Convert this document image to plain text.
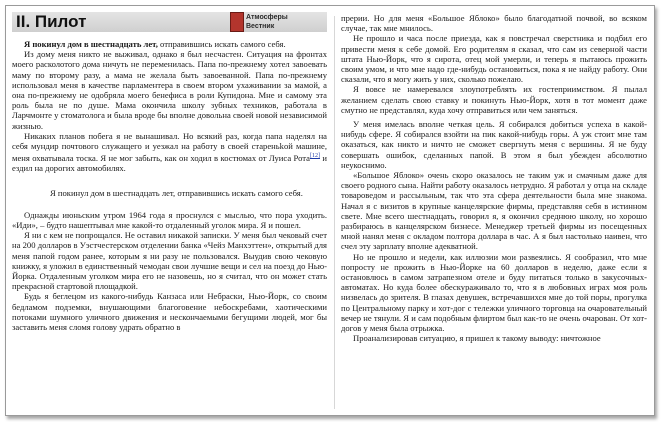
II. Пилот	Атмосферы
Вестник

Я покинул дом в шестнадцать лет, отправившись искать самого себя.

Из дому меня никто не выживал, однако я был несчастен. Ситуация на фронтах моего расколотого дома ничуть не переменилась. Папа по-прежнему хотел завоевать маму по второму разу, а мама не желала быть завоеванной. Папа по-прежнему использовал меня в качестве парламентера в своем втором ухаживании за мамой, а она по-прежнему не одобряла моего бенефиса в роли Купидона. Мне и самому эта роль была не по душе. Мама окончила школу зубных техников, работала в Ларчмонте у стоматолога и была вроде бы вполне довольна своей новой независимой жизнью.

Никаких планов побега я не вынашивал. Но всякий раз, когда папа наделял на себя мундир почтового служащего и уезжал на работу в своей стареньkой машине, меня охватывала тоска. Я не мог забыть, как он ходил в костюмах от Луиса Рота[12] и ездил на дорогих автомобилях.

Я покинул дом в шестнадцать лет, отправившись искать самого себя.

Однажды июньским утром 1964 года я проснулся с мыслью, что пора уходить. «Иди», – будто нашептывал мне какой-то отдаленный уголок мира. Я и пошел.

Я ни с кем не попрощался. Не оставил никакой записки. У меня был чековый счет на 200 долларов в Уэстчестерском отделении банка «Чейз Манхэттен», открытый для меня папой годом ранее, которым я ни разу не пользовался. Выудив свою чековую книжку, я уложил в единственный чемодан свои лучшие вещи и сел на поезд до Нью-Йорка. Отдаленным уголком мира его не назовешь, но я считал, что он может стать прекрасной стартовой площадкой.

Будь я беглецом из какого-нибудь Канзаса или Небраски, Нью-Йорк, со своим бедламом подземки, внушающими благоговение небоскребами, хаотическими потоками шумного уличного движения и нескончаемыми бегущими людей, мог бы заставить меня сломя голову удрать обратно в

прерии. Но для меня «Большое Яблоко» было благодатной почвой, во всяком случае, так мне мнилось.

Не прошло и часа после приезда, как я повстречал сверстника и подбил его привести меня к себе домой. Его родителям я сказал, что сам из северной части штата Нью-Йорк, что я сирота, отец мой умерли, и теперь я пытаюсь прожить своим умом, и что мне надо где-нибудь остановиться, пока я не найду работу. Они сказали, что я могу жить у них, сколько пожелаю.

Я вовсе не намеревался злоупотреблять их гостеприимством. Я пылал желанием сделать свою ставку и покинуть Нью-Йорк, хотя в тот момент даже смутно не представлял, куда хочу отправиться или чем заняться.

У меня имелась вполне четкая цель. Я собирался добиться успеха в какой-нибудь сфере. Я собирался взойти на пик какой-нибудь горы. А уж стоит мне там оказаться, как никто и ничто не сможет свергнуть меня с вершины. Я не буду совершать ошибок, сделанных папой. В этом я был убежден абсолютно неукоснимо.

«Большое Яблоко» очень скоро оказалось не таким уж и смачным даже для своего родного сына. Найти работу оказалось нетрудно. Я работал у отца на складе товароведом и рассыльным, так что эта сфера деятельности была мне знакома. Начал я с визитов в крупные канцелярские фирмы, представляя себя в истинном свете. Мне всего шестнадцать, говорил я, я окончил среднюю школу, но хорошо разбираюсь в канцелярском бизнесе. Менеджер третьей фирмы из посещенных мной нанял меня с окладом полтора доллара в час. А я был настолько наивен, что счел эту зарплату вполне адекватной.

Но не прошло и недели, как иллюзии мои развеялись. Я сообразил, что мне попросту не прожить в Нью-Йорке на 60 долларов в неделю, даже если я остановлюсь в самом затрапезном отеле и буду питаться только в закусочных-автоматах. Но куда более обескураживало то, что я в любовных играх моя роль низвелась до зрителя. В глазах девушек, встречавшихся мне до той поры, прогулка по Центральному парку и хот-дог с тележки уличного торговца на очаровательный вечер не тянули. Я и сам подобным флиртом был как-то не очень очарован. От хот-догов у меня была отрыжка.

Проанализировав ситуацию, я пришел к такому выводу: ничтожное
